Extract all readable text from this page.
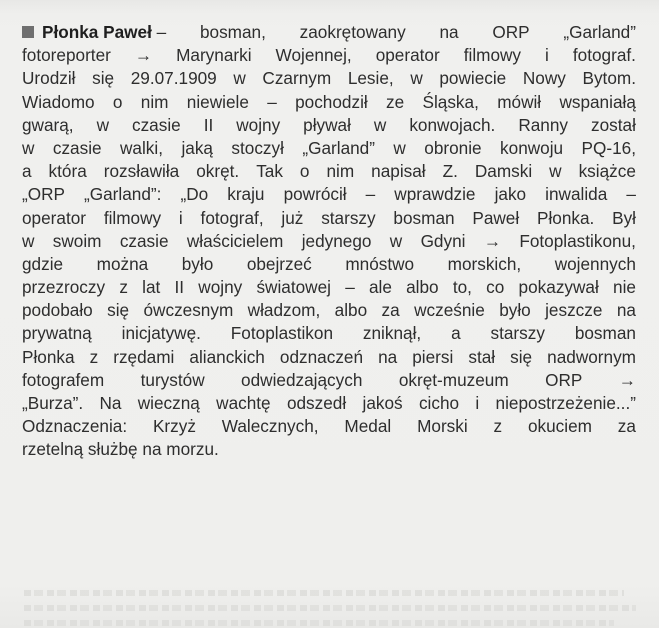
Płonka Paweł
– bosman, zaokrętowany na ORP „Garland”
fotoreporter → Marynarki Wojennej, operator filmowy i fotograf.
Urodził się 29.07.1909 w Czarnym Lesie, w powiecie Nowy Bytom.
Wiadomo o nim niewiele – pochodził ze Śląska, mówił wspaniałą
gwarą, w czasie II wojny pływał w konwojach. Ranny został
w czasie walki, jaką stoczył „Garland” w obronie konwoju PQ-16,
a która rozsławiła okręt. Tak o nim napisał Z. Damski w książce
„ORP „Garland”: „Do kraju powrócił – wprawdzie jako inwalida –
operator filmowy i fotograf, już starszy bosman Paweł Płonka. Był
w swoim czasie właścicielem jedynego w Gdyni → Fotoplastikonu,
gdzie można było obejrzeć mnóstwo morskich, wojennych
przezroczy z lat II wojny światowej – ale albo to, co pokazywał nie
podobało się ówczesnym władzom, albo za wcześnie było jeszcze na
prywatną inicjatywę. Fotoplastikon zniknął, a starszy bosman
Płonka z rzędami alianckich odznaczeń na piersi stał się nadwornym
fotografem turystów odwiedzających okręt-muzeum ORP →
„Burza”. Na wieczną wachtę odszedł jakoś cicho i niepostrzeżenie...”
Odznaczenia: Krzyż Walecznych, Medal Morski z okuciem za
rzetelną służbę na morzu.
